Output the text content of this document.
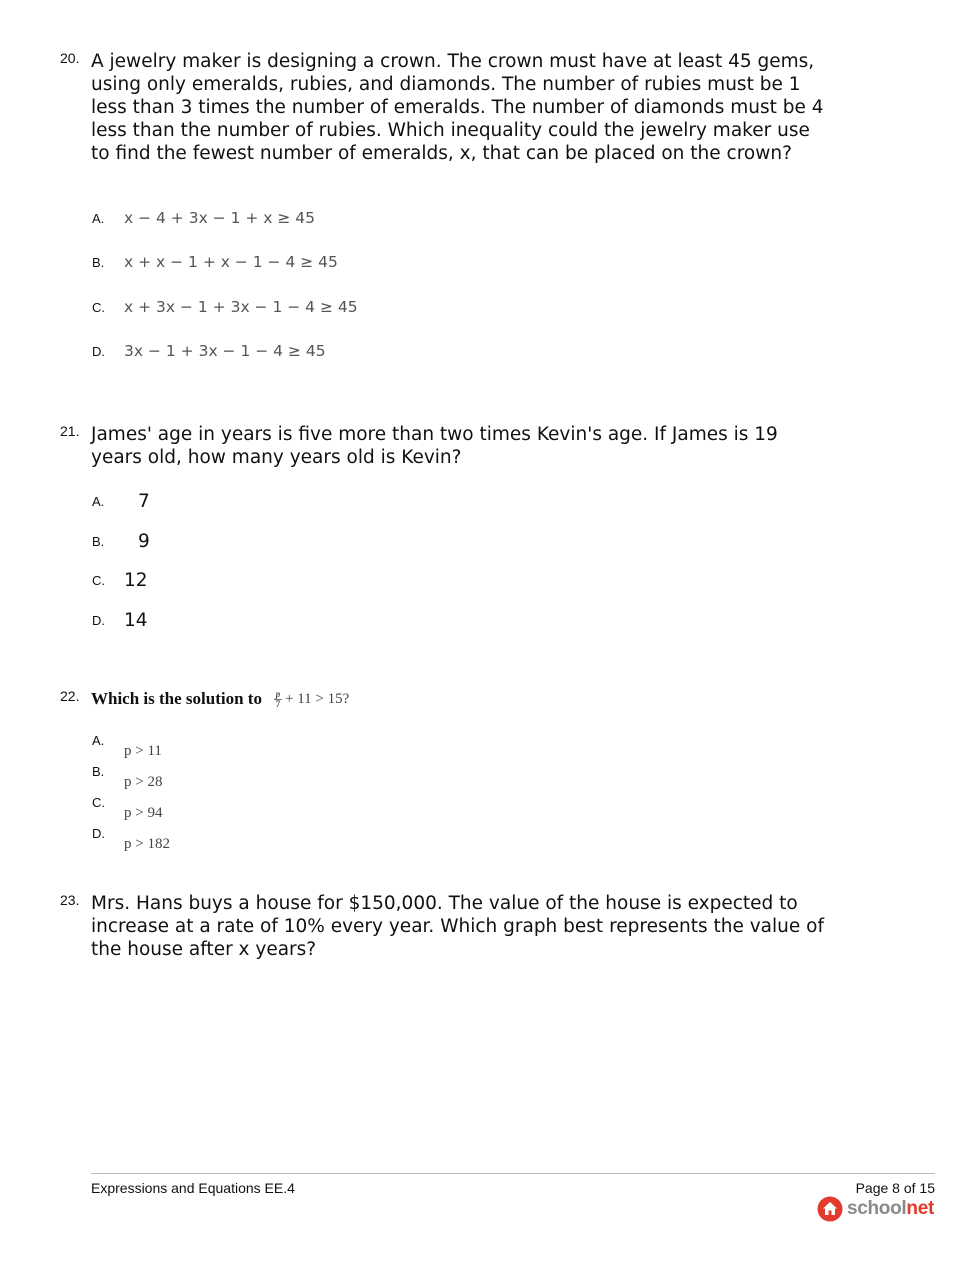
20. A jewelry maker is designing a crown. The crown must have at least 45 gems, using only emeralds, rubies, and diamonds. The number of rubies must be 1 less than 3 times the number of emeralds. The number of diamonds must be 4 less than the number of rubies. Which inequality could the jewelry maker use to find the fewest number of emeralds, x, that can be placed on the crown?
A.	x − 4 + 3x − 1 + x ≥ 45
B.	x + x − 1 + x − 1 − 4 ≥ 45
C.	x + 3x − 1 + 3x − 1 − 4 ≥ 45
D.	3x − 1 + 3x − 1 − 4 ≥ 45
21. James' age in years is five more than two times Kevin's age. If James is 19 years old, how many years old is Kevin?
A.	7
B.	9
C.	12
D.	14
22. Which is the solution to $\frac{p}{7} + 11 > 15$?
A.
p > 11
B.
p > 28
C.
p > 94
D.
p > 182
23. Mrs. Hans buys a house for $150,000. The value of the house is expected to increase at a rate of 10% every year. Which graph best represents the value of the house after x years?
Expressions and Equations EE.4	Page 8 of 15
schoolnet
